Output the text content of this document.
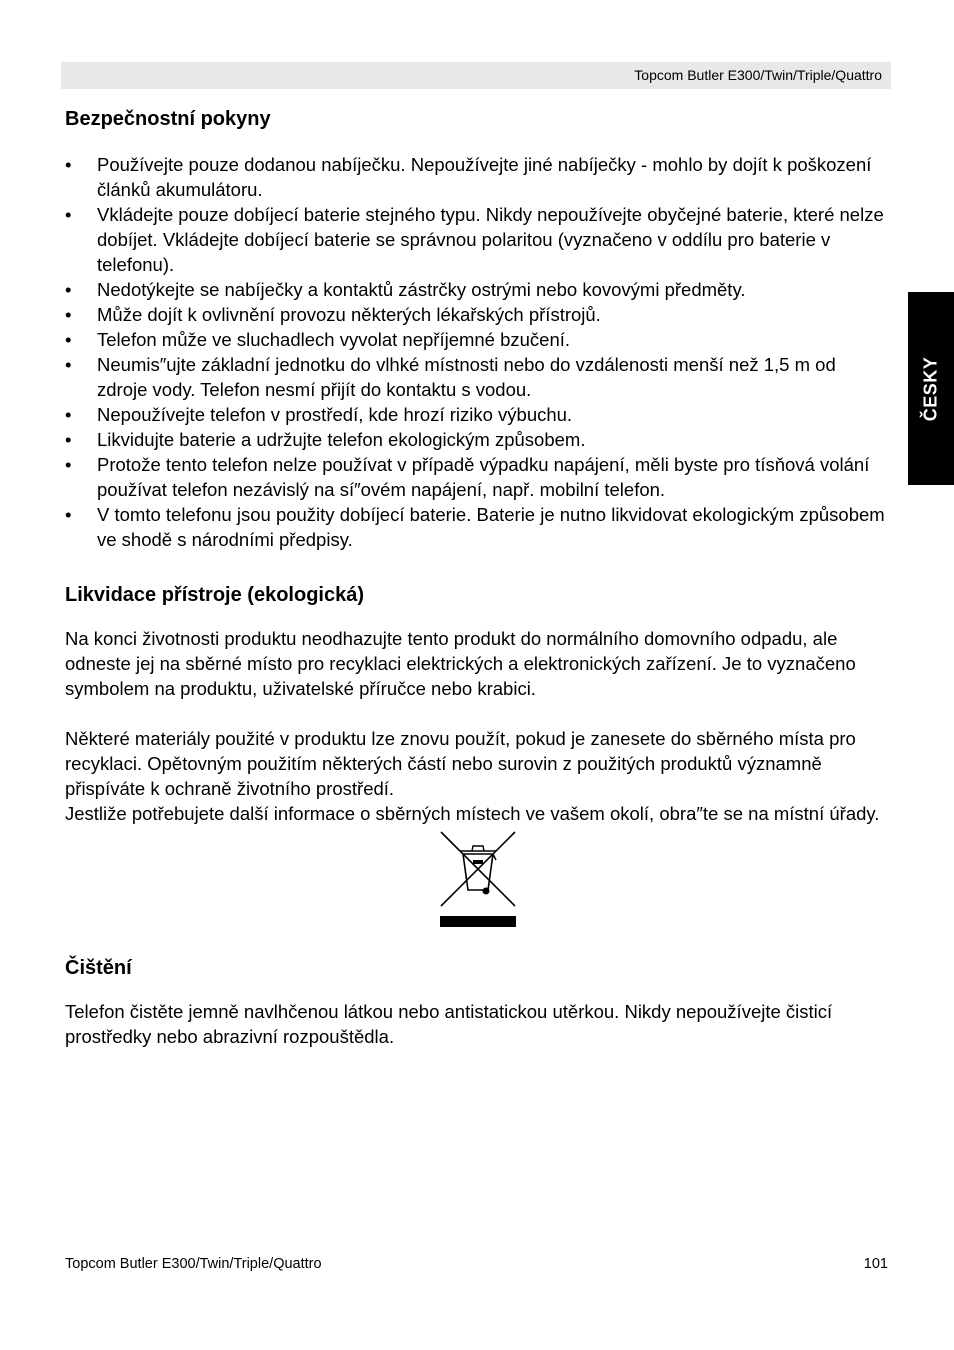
Topcom Butler E300/Twin/Triple/Quattro
ČESKY
Bezpečnostní pokyny
• Používejte pouze dodanou nabíječku. Nepoužívejte jiné nabíječky - mohlo by dojít k poškození článků akumulátoru.
• Vkládejte pouze dobíjecí baterie stejného typu. Nikdy nepoužívejte obyčejné baterie, které nelze dobíjet. Vkládejte dobíjecí baterie se správnou polaritou (vyznačeno v oddílu pro baterie v telefonu).
• Nedotýkejte se nabíječky a kontaktů zástrčky ostrými nebo kovovými předměty.
• Může dojít k ovlivnění provozu některých lékařských přístrojů.
• Telefon může ve sluchadlech vyvolat nepříjemné bzučení.
• Neumis″ujte základní jednotku do vlhké místnosti nebo do vzdálenosti menší než 1,5 m od zdroje vody. Telefon nesmí přijít do kontaktu s vodou.
• Nepoužívejte telefon v prostředí, kde hrozí riziko výbuchu.
• Likvidujte baterie a udržujte telefon ekologickým způsobem.
• Protože tento telefon nelze používat v případě výpadku napájení, měli byste pro tísňová volání používat telefon nezávislý na sí″ovém napájení, např. mobilní telefon.
• V tomto telefonu jsou použity dobíjecí baterie. Baterie je nutno likvidovat ekologickým způsobem ve shodě s národními předpisy.
Likvidace přístroje (ekologická)

Na konci životnosti produktu neodhazujte tento produkt do normálního domovního odpadu, ale odneste jej na sběrné místo pro recyklaci elektrických a elektronických zařízení. Je to vyznačeno symbolem na produktu, uživatelské příručce nebo krabici.

Některé materiály použité v produktu lze znovu použít, pokud je zanesete do sběrného místa pro recyklaci. Opětovným použitím některých částí nebo surovin z použitých produktů významně přispíváte k ochraně životního prostředí.

Jestliže potřebujete další informace o sběrných místech ve vašem okolí, obra″te se na místní úřady.

Čištění

Telefon čistěte jemně navlhčenou látkou nebo antistatickou utěrkou. Nikdy nepoužívejte čisticí prostředky nebo abrazivní rozpouštědla.

Topcom Butler E300/Twin/Triple/Quattro	101
